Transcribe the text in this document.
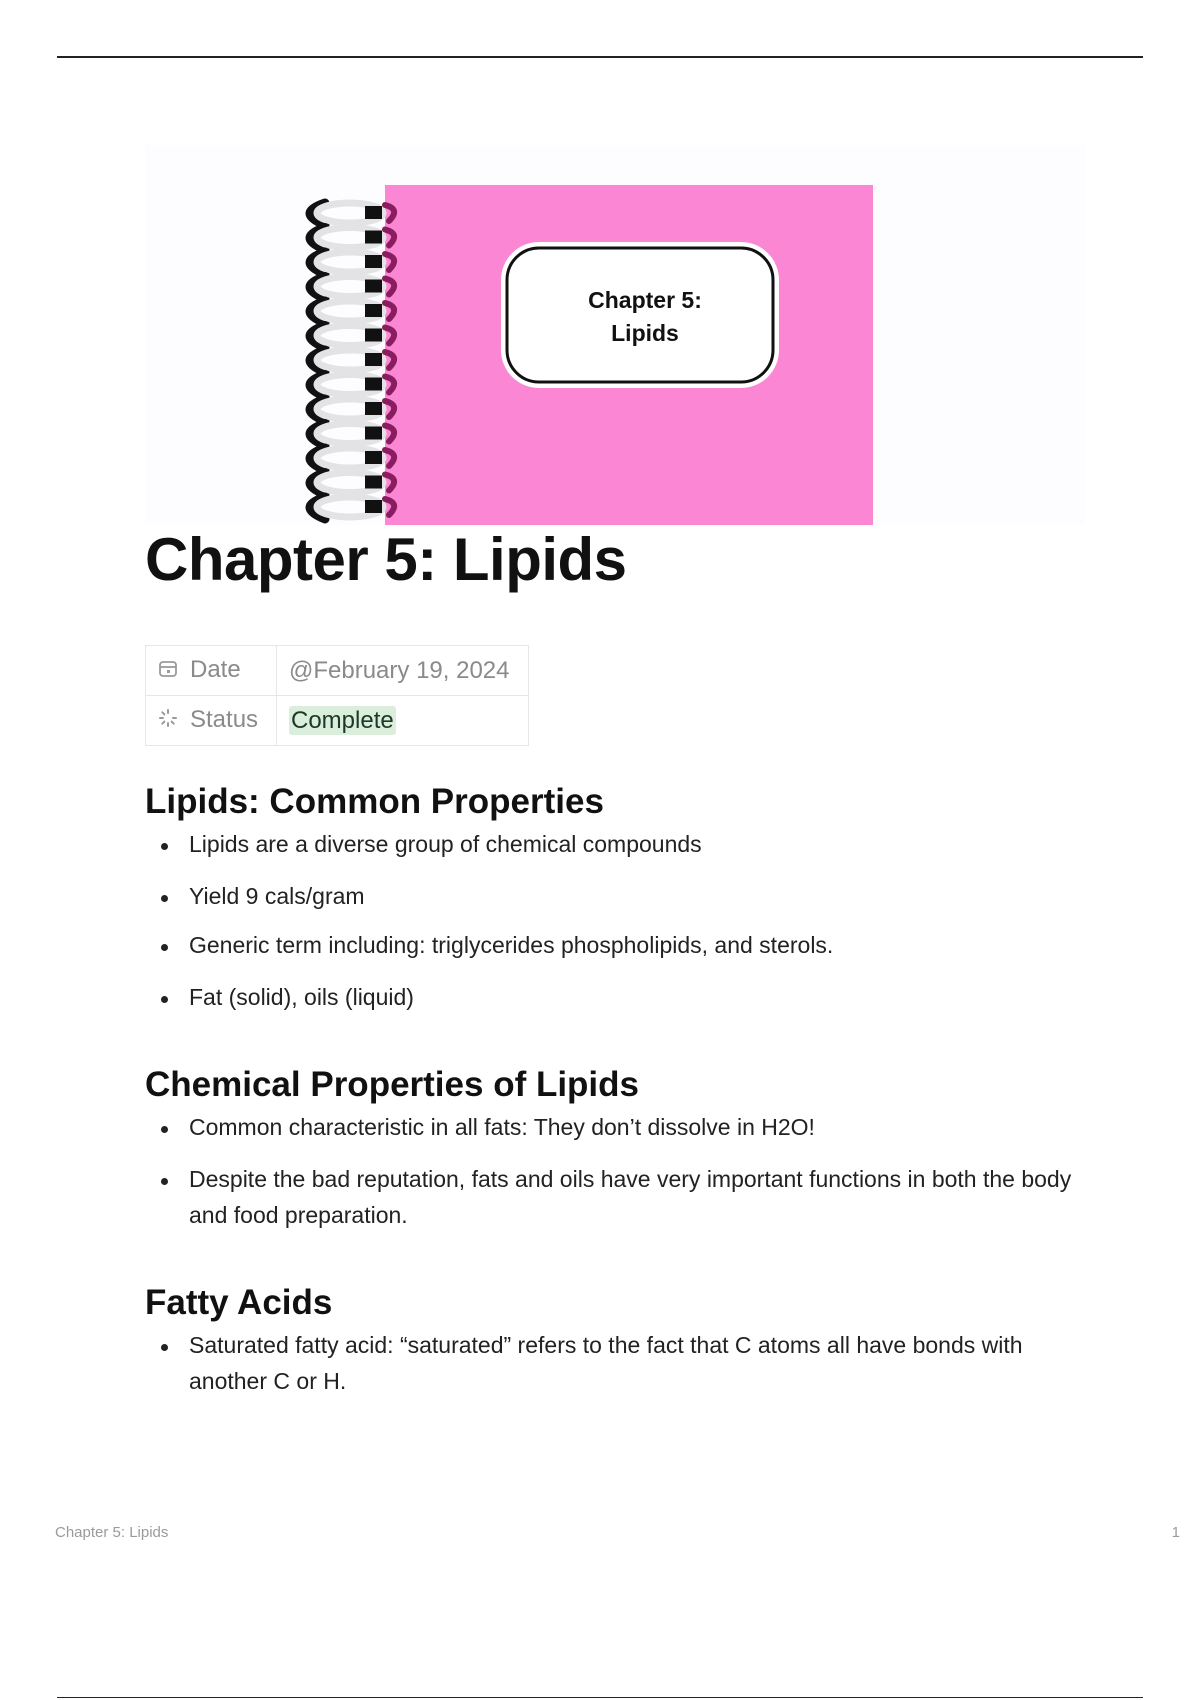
Chapter 5:
Lipids
Chapter 5: Lipids
Date	@February 19, 2024
Status	Complete
Lipids: Common Properties
Lipids are a diverse group of chemical compounds
Yield 9 cals/gram
Generic term including: triglycerides phospholipids, and sterols.
Fat (solid), oils (liquid)
Chemical Properties of Lipids
Common characteristic in all fats: They don’t dissolve in H2O!
Despite the bad reputation, fats and oils have very important functions in both the body and food preparation.
Fatty Acids
Saturated fatty acid: “saturated” refers to the fact that C atoms all have bonds with another C or H.
Chapter 5: Lipids	1
